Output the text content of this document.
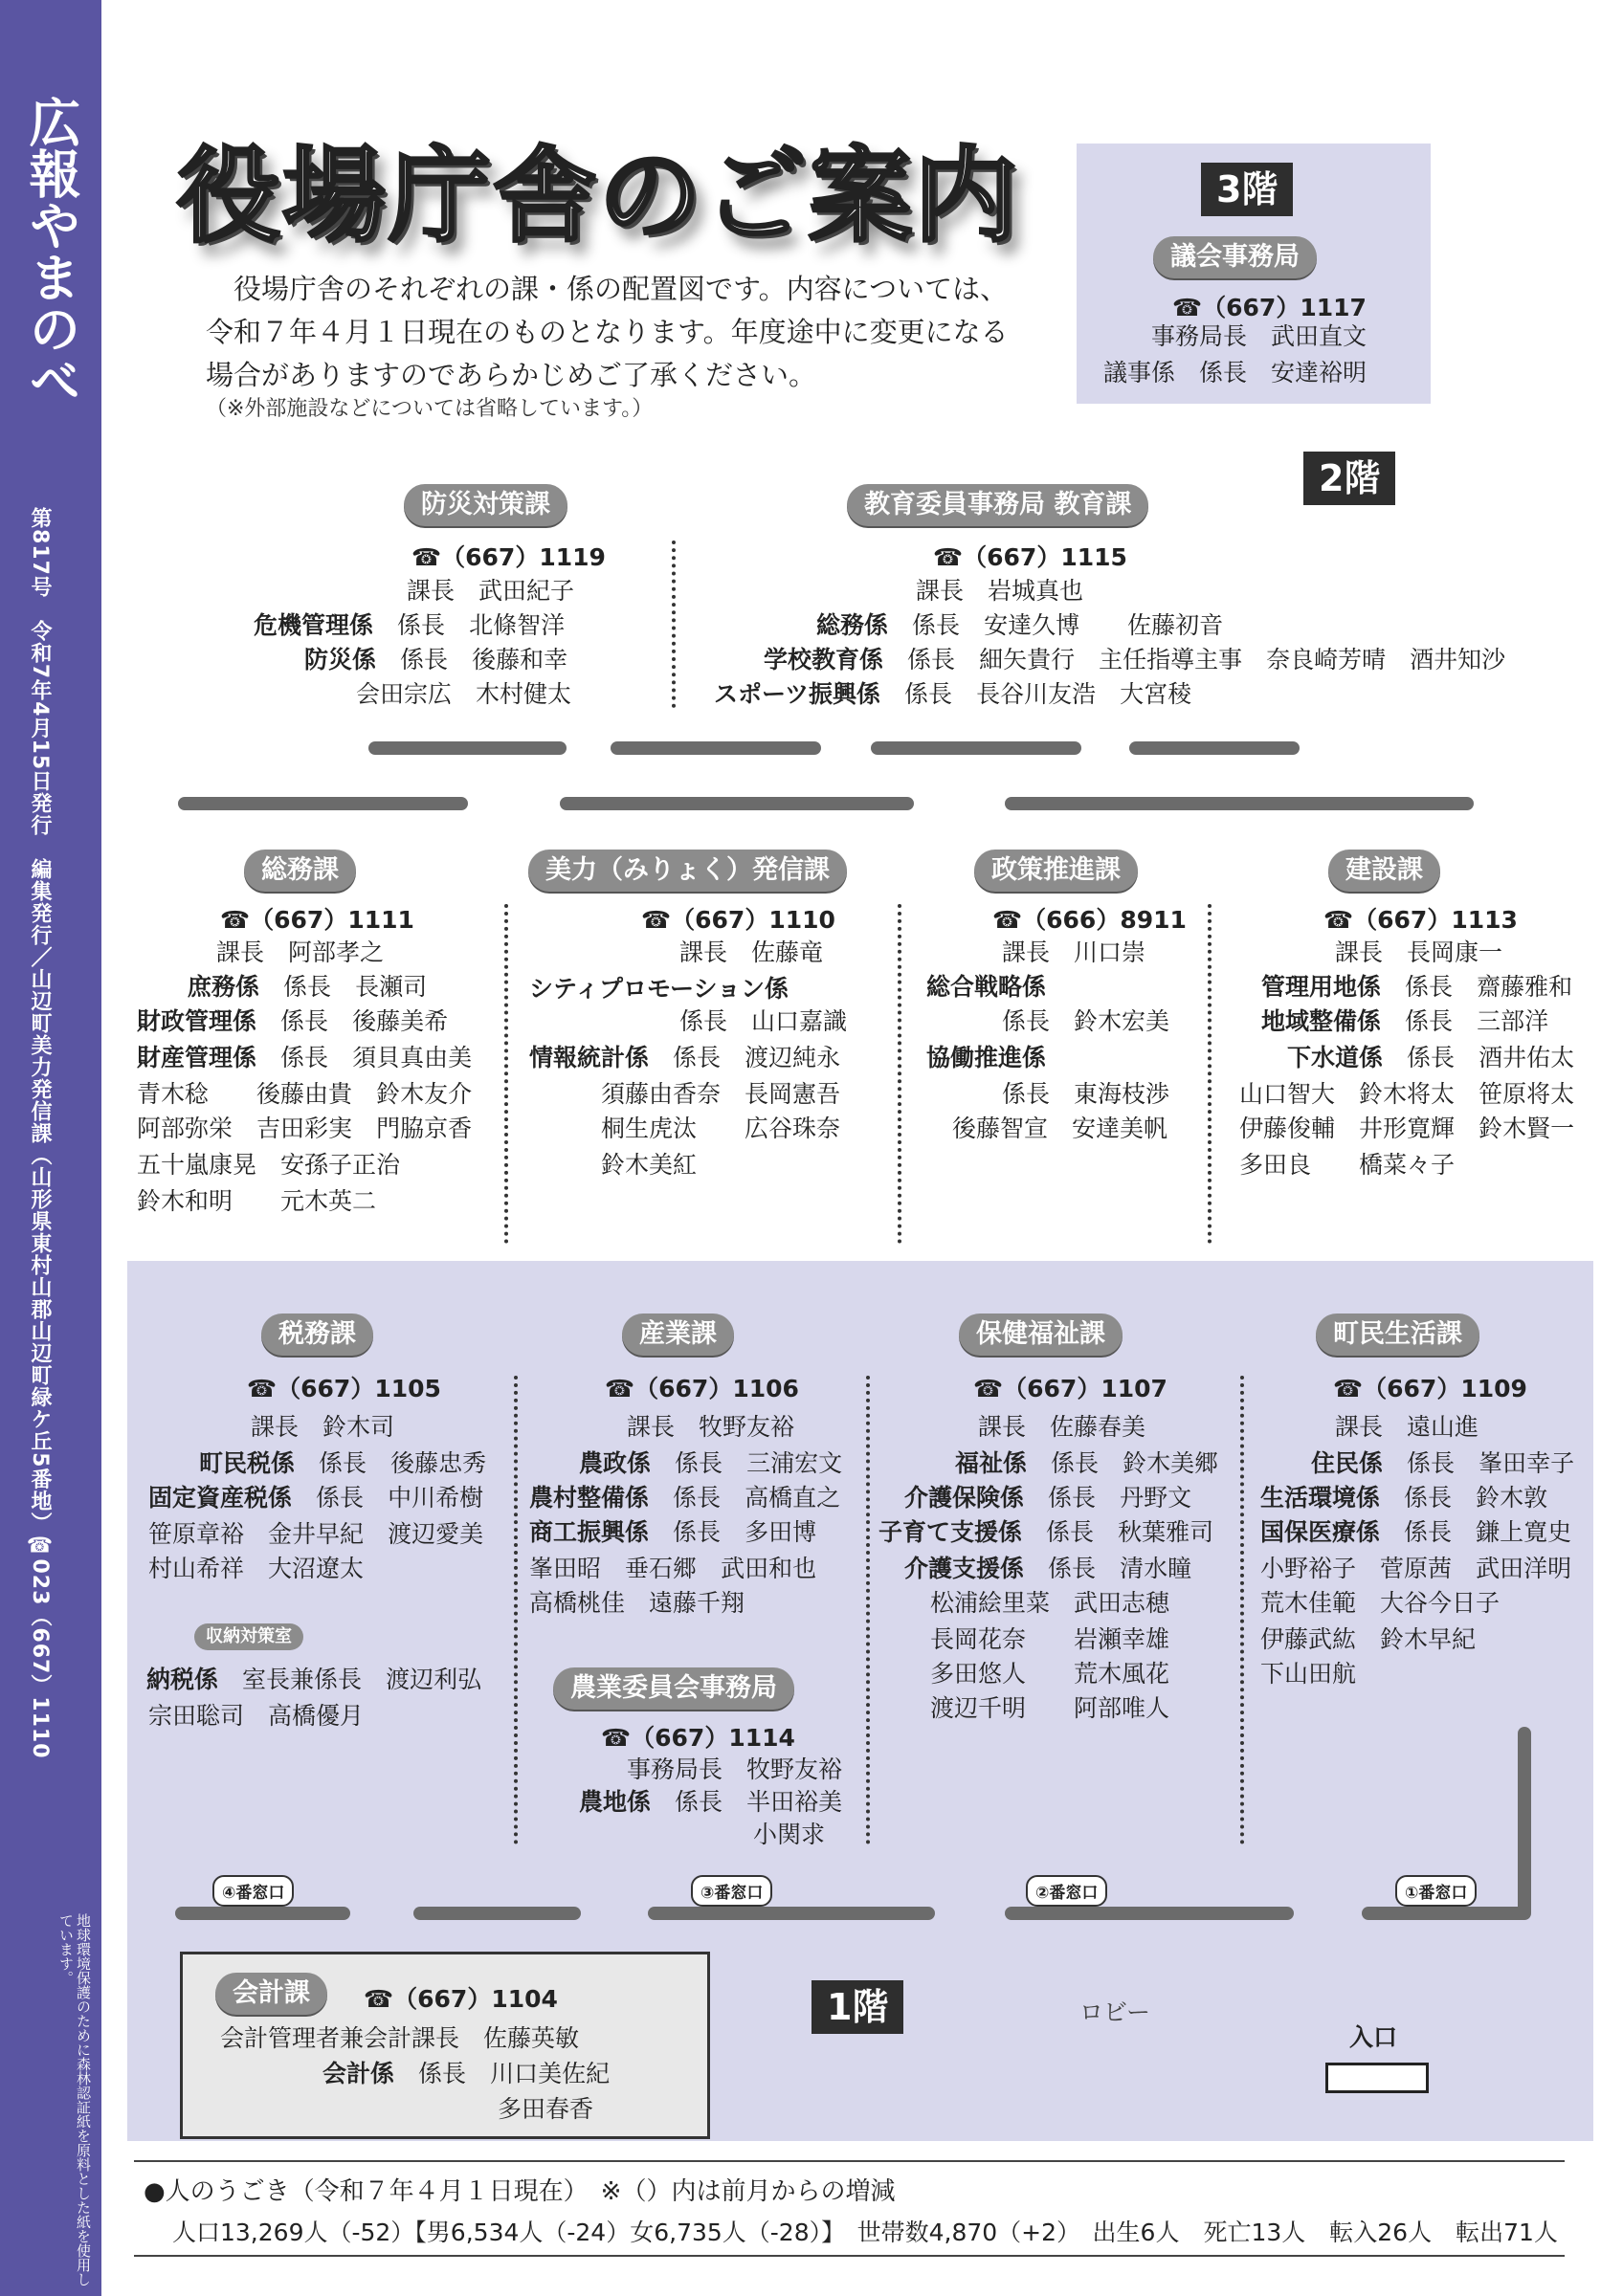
広報やまのべ
第817号　令和7年4月15日発行　編集発行／山辺町美力発信課（山形県東村山郡山辺町緑ケ丘5番地）☎023（667）1110
地球環境保護のために森林認証紙を原料とした紙を使用しています。
役場庁舎のご案内
役場庁舎のそれぞれの課・係の配置図です。内容については、令和７年４月１日現在のものとなります。年度途中に変更になる場合がありますのであらかじめご了承ください。
（※外部施設などについては省略しています。）
3階
議会事務局
☎（667）1117
事務局長　 武田直文
議事係　係長　 安達裕明
2階
防災対策課
☎（667）1119
課長　 武田紀子
危機管理係　 係長　 北條智洋
防災係　 係長　 後藤和幸
会田宗広　 木村健太
教育委員事務局 教育課
☎（667）1115
課長　 岩城真也
総務係　 係長　 安達久博　　 佐藤初音
学校教育係　 係長　 細矢貴行　 主任指導主事　 奈良崎芳晴　 酒井知沙
スポーツ振興係　 係長　 長谷川友浩　 大宮稜
総務課
☎（667）1111
課長　 阿部孝之
庶務係　 係長　 長瀬司
財政管理係　 係長　 後藤美希
財産管理係　 係長　 須貝真由美
青木稔　　 後藤由貴　 鈴木友介
阿部弥栄　 吉田彩実　 門脇京香
五十嵐康晃　 安孫子正治
鈴木和明　　 元木英二
美力（みりょく）発信課
☎（667）1110
課長　 佐藤竜
シティプロモーション係
係長　 山口嘉識
情報統計係　 係長　 渡辺純永
須藤由香奈　 長岡憲吾
桐生虎汰　　 広谷珠奈
鈴木美紅
政策推進課
☎（666）8911
課長　 川口崇
総合戦略係
係長　 鈴木宏美
協働推進係
係長　 東海枝渉
後藤智宣　 安達美帆
建設課
☎（667）1113
課長　 長岡康一
管理用地係　 係長　 齋藤雅和
地域整備係　 係長　 三部洋
下水道係　 係長　 酒井佑太
山口智大　 鈴木将太　 笹原将太
伊藤俊輔　 井形寛輝　 鈴木賢一
多田良　　 橋菜々子
税務課
☎（667）1105
課長　 鈴木司
町民税係　 係長　 後藤忠秀
固定資産税係　 係長　 中川希樹
笹原章裕　 金井早紀　 渡辺愛美
村山希祥　 大沼遼太
収納対策室
納税係　 室長兼係長　 渡辺利弘
宗田聡司　 高橋優月
産業課
☎（667）1106
課長　 牧野友裕
農政係　 係長　 三浦宏文
農村整備係　 係長　 高橋直之
商工振興係　 係長　 多田博
峯田昭　 垂石郷　 武田和也
高橋桃佳　 遠藤千翔
農業委員会事務局
☎（667）1114
事務局長　 牧野友裕
農地係　 係長　 半田裕美
小関求
保健福祉課
☎（667）1107
課長　 佐藤春美
福祉係　 係長　 鈴木美郷
介護保険係　 係長　 丹野文
子育て支援係　 係長　 秋葉雅司
介護支援係　 係長　 清水瞳
松浦絵里菜　 武田志穂
長岡花奈　　 岩瀬幸雄
多田悠人　　 荒木風花
渡辺千明　　 阿部唯人
町民生活課
☎（667）1109
課長　 遠山進
住民係　 係長　 峯田幸子
生活環境係　 係長　 鈴木敦
国保医療係　 係長　 鎌上寛史
小野裕子　 菅原茜　 武田洋明
荒木佳範　 大谷今日子
伊藤武紘　 鈴木早紀
下山田航
④番窓口	③番窓口	②番窓口	①番窓口
会計課	☎（667）1104
会計管理者兼会計課長　 佐藤英敏
会計係　 係長　 川口美佐紀
多田春香
1階	ロビー
入口
●人のうごき（令和７年４月１日現在）　※（）内は前月からの増減
人口13,269人（-52）【男6,534人（-24）女6,735人（-28）】　世帯数4,870（+2）　出生6人　死亡13人　転入26人　転出71人
